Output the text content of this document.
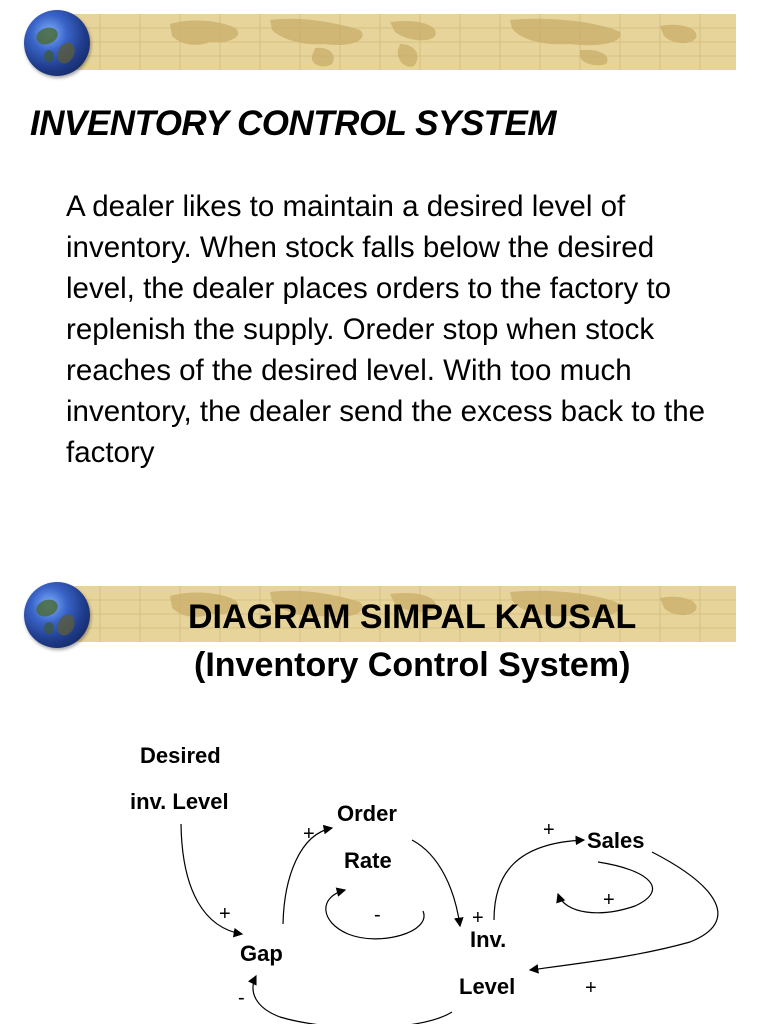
INVENTORY CONTROL SYSTEM
A dealer likes to maintain a desired level of inventory. When stock falls below the desired level, the dealer places orders to the factory to replenish the supply. Oreder stop when stock reaches of the desired level. With too much inventory, the dealer send the excess back to the factory
DIAGRAM SIMPAL KAUSAL
(Inventory Control System)
Desired
inv. Level	Order
Rate
Sales
Gap
Inv.
Level
+
+
-	+
+
+
+
-
